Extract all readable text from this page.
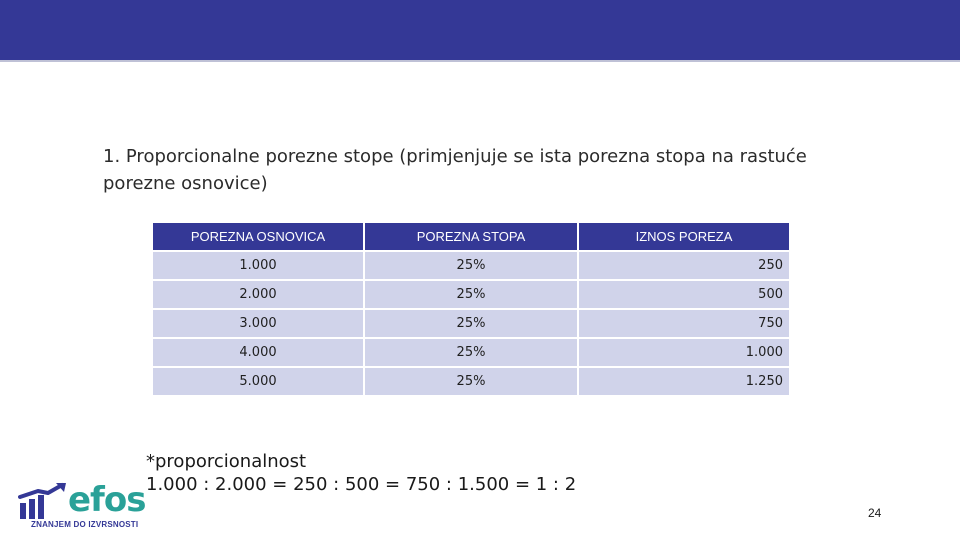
1. Proporcionalne porezne stope (primjenjuje se ista porezna stopa na rastuće porezne osnovice)
POREZNA OSNOVICA	POREZNA STOPA	IZNOS POREZA
1.000	25%	250
2.000	25%	500
3.000	25%	750
4.000	25%	1.000
5.000	25%	1.250
*proporcionalnost
1.000 : 2.000 = 250 : 500 = 750 : 1.500 = 1 : 2
efos
ZNANJEM DO IZVRSNOSTI
24
